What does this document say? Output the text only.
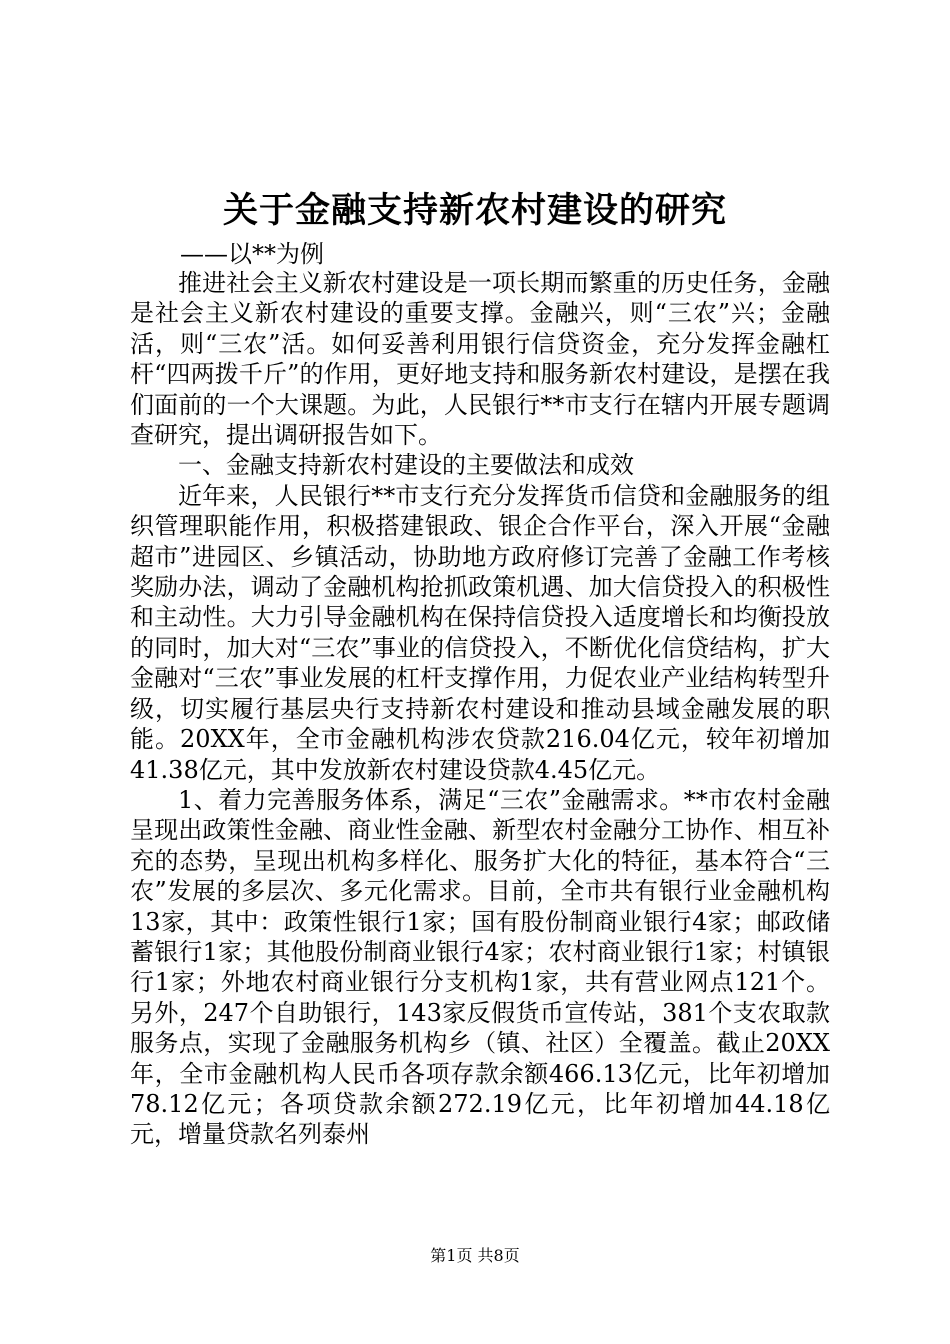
关于金融支持新农村建设的研究
——以**为例

推进社会主义新农村建设是一项长期而繁重的历史任务，金融是社会主义新农村建设的重要支撑。金融兴，则“三农”兴；金融活，则“三农”活。如何妥善利用银行信贷资金，充分发挥金融杠杆“四两拨千斤”的作用，更好地支持和服务新农村建设，是摆在我们面前的一个大课题。为此，人民银行**市支行在辖内开展专题调查研究，提出调研报告如下。

一、金融支持新农村建设的主要做法和成效

近年来，人民银行**市支行充分发挥货币信贷和金融服务的组织管理职能作用，积极搭建银政、银企合作平台，深入开展“金融超市”进园区、乡镇活动，协助地方政府修订完善了金融工作考核奖励办法，调动了金融机构抢抓政策机遇、加大信贷投入的积极性和主动性。大力引导金融机构在保持信贷投入适度增长和均衡投放的同时，加大对“三农”事业的信贷投入，不断优化信贷结构，扩大金融对“三农”事业发展的杠杆支撑作用，力促农业产业结构转型升级，切实履行基层央行支持新农村建设和推动县域金融发展的职能。20XX年，全市金融机构涉农贷款216.04亿元，较年初增加41.38亿元，其中发放新农村建设贷款4.45亿元。

1、着力完善服务体系，满足“三农”金融需求。**市农村金融呈现出政策性金融、商业性金融、新型农村金融分工协作、相互补充的态势，呈现出机构多样化、服务扩大化的特征，基本符合“三农”发展的多层次、多元化需求。目前，全市共有银行业金融机构13家，其中：政策性银行1家；国有股份制商业银行4家；邮政储蓄银行1家；其他股份制商业银行4家；农村商业银行1家；村镇银行1家；外地农村商业银行分支机构1家，共有营业网点121个。另外，247个自助银行，143家反假货币宣传站，381个支农取款服务点，实现了金融服务机构乡（镇、社区）全覆盖。截止20XX年，全市金融机构人民币各项存款余额466.13亿元，比年初增加78.12亿元；各项贷款余额272.19亿元，比年初增加44.18亿元，增量贷款名列泰州

第1页 共8页
